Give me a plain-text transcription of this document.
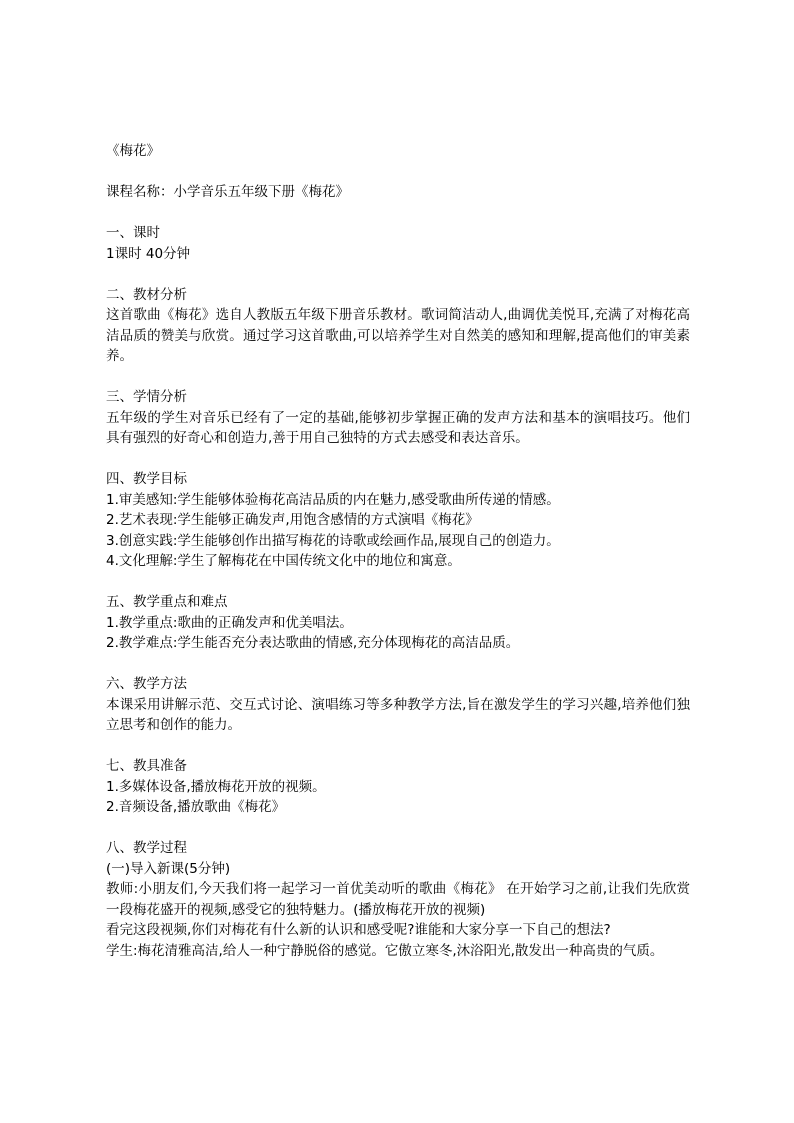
《梅花》
课程名称：小学音乐五年级下册《梅花》
一、课时
1课时 40分钟
二、教材分析
这首歌曲《梅花》选自人教版五年级下册音乐教材。歌词简洁动人,曲调优美悦耳,充满了对梅花高洁品质的赞美与欣赏。通过学习这首歌曲,可以培养学生对自然美的感知和理解,提高他们的审美素养。
三、学情分析
五年级的学生对音乐已经有了一定的基础,能够初步掌握正确的发声方法和基本的演唱技巧。他们具有强烈的好奇心和创造力,善于用自己独特的方式去感受和表达音乐。
四、教学目标
1.审美感知:学生能够体验梅花高洁品质的内在魅力,感受歌曲所传递的情感。
2.艺术表现:学生能够正确发声,用饱含感情的方式演唱《梅花》
3.创意实践:学生能够创作出描写梅花的诗歌或绘画作品,展现自己的创造力。
4.文化理解:学生了解梅花在中国传统文化中的地位和寓意。
五、教学重点和难点
1.教学重点:歌曲的正确发声和优美唱法。
2.教学难点:学生能否充分表达歌曲的情感,充分体现梅花的高洁品质。
六、教学方法
本课采用讲解示范、交互式讨论、演唱练习等多种教学方法,旨在激发学生的学习兴趣,培养他们独立思考和创作的能力。
七、教具准备
1.多媒体设备,播放梅花开放的视频。
2.音频设备,播放歌曲《梅花》
八、教学过程
(一)导入新课(5分钟)
教师:小朋友们,今天我们将一起学习一首优美动听的歌曲《梅花》 在开始学习之前,让我们先欣赏一段梅花盛开的视频,感受它的独特魅力。(播放梅花开放的视频)
看完这段视频,你们对梅花有什么新的认识和感受呢?谁能和大家分享一下自己的想法?
学生:梅花清雅高洁,给人一种宁静脱俗的感觉。它傲立寒冬,沐浴阳光,散发出一种高贵的气质。
